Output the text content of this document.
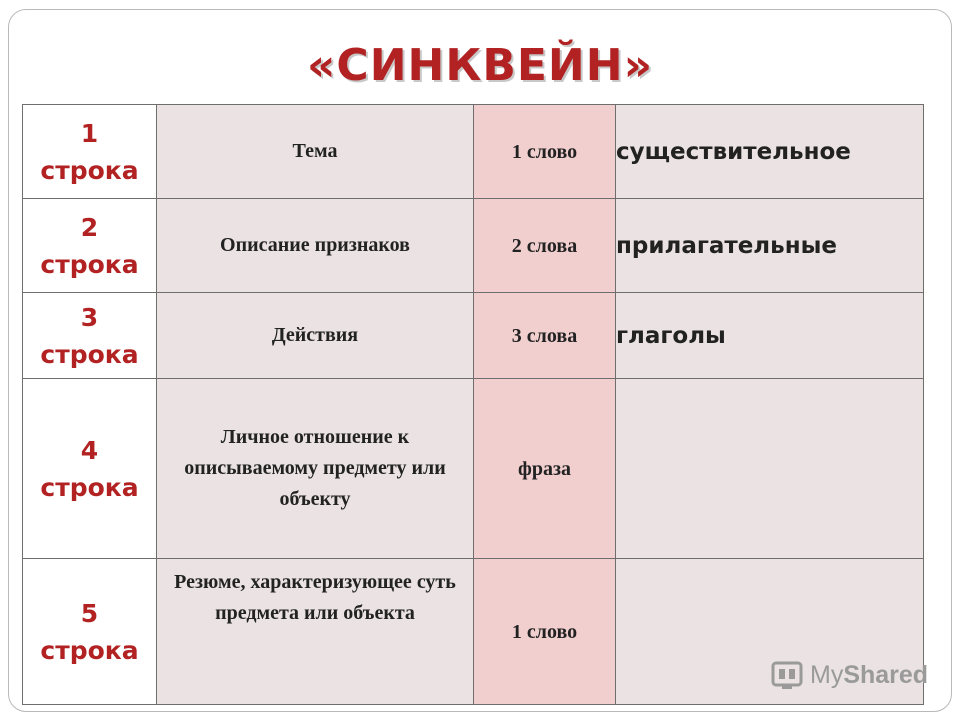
«СИНКВЕЙН»
1
строка	Тема	1 слово	существительное

2
строка	Описание признаков	2 слова	прилагательные

3
строка	Действия	3 слова	глаголы

4
строка	Личное отношение к описываемому предмету или объекту	фраза	

5
строка	Резюме, характеризующее суть предмета или объекта	1 слово	
My Shared
